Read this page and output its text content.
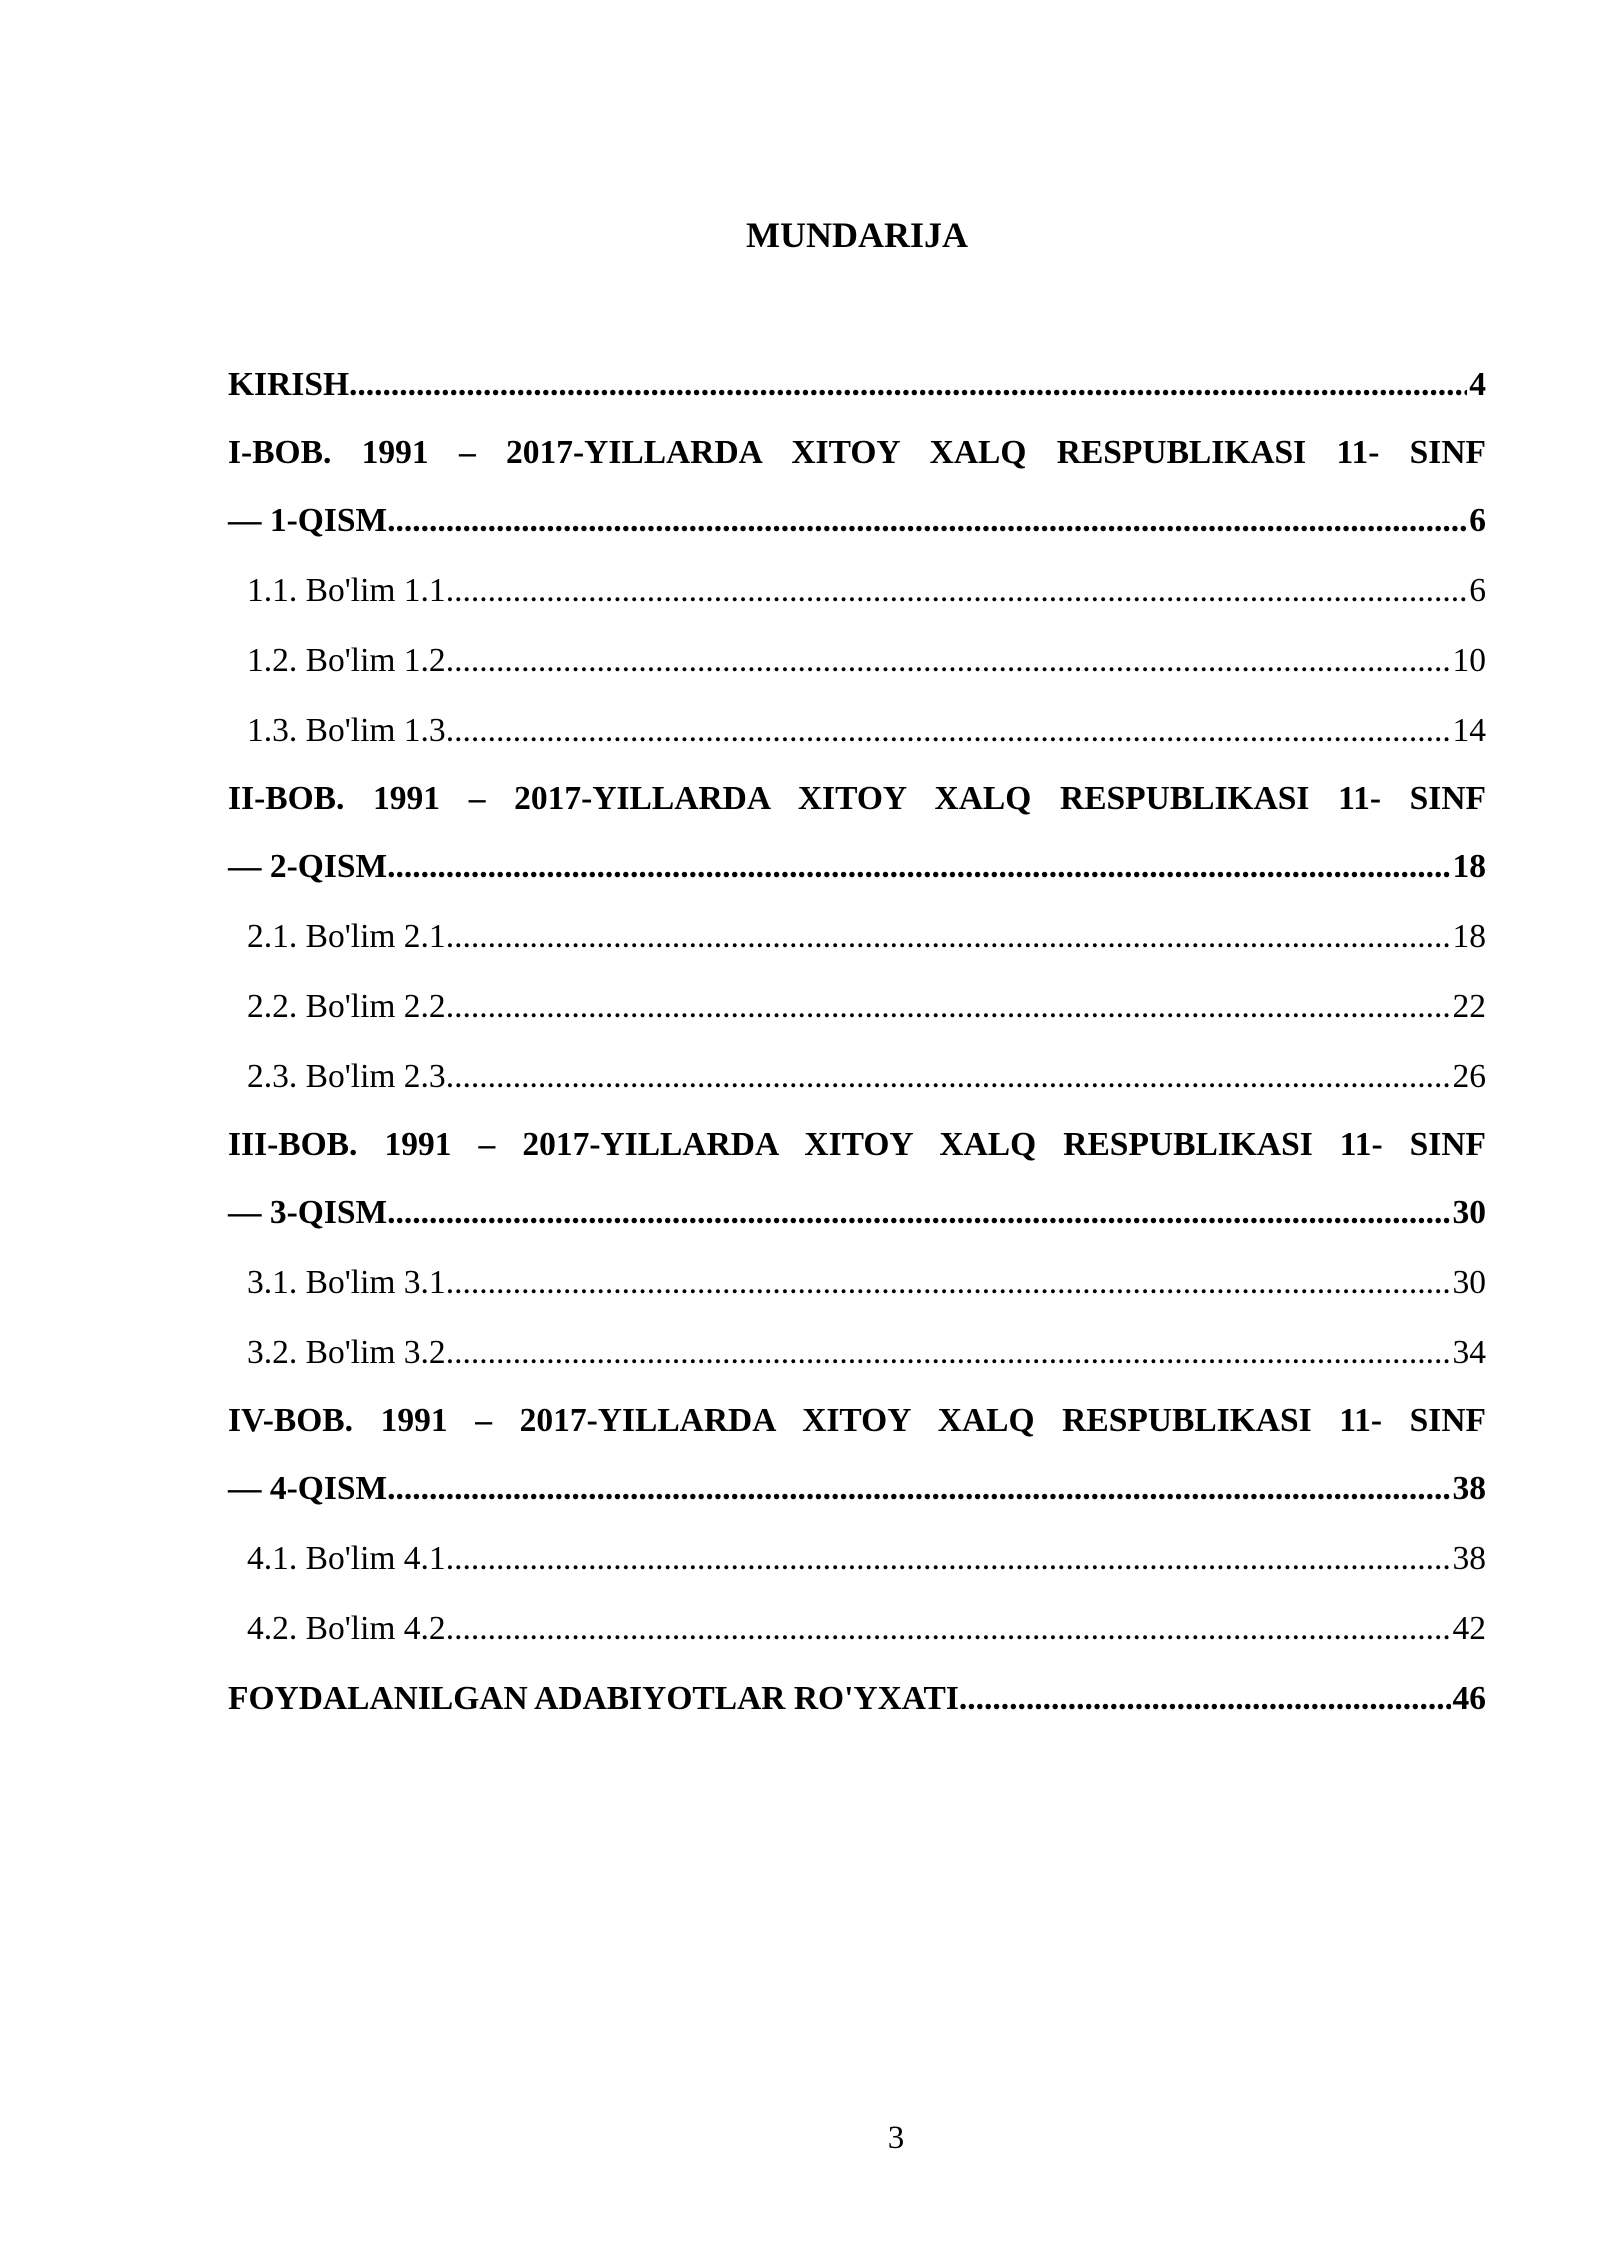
MUNDARIJA
KIRISH .....	4
I-BOB. 1991 – 2017-YILLARDA XITOY XALQ RESPUBLIKASI 11- SINF
— 1-QISM .....	6
1.1. Bo'lim 1.1 .....	6
1.2. Bo'lim 1.2 .....	10
1.3. Bo'lim 1.3 .....	14
II-BOB. 1991 – 2017-YILLARDA XITOY XALQ RESPUBLIKASI 11- SINF
— 2-QISM .....	18
2.1. Bo'lim 2.1 .....	18
2.2. Bo'lim 2.2 .....	22
2.3. Bo'lim 2.3 .....	26
III-BOB. 1991 – 2017-YILLARDA XITOY XALQ RESPUBLIKASI 11- SINF
— 3-QISM .....	30
3.1. Bo'lim 3.1 .....	30
3.2. Bo'lim 3.2 .....	34
IV-BOB. 1991 – 2017-YILLARDA XITOY XALQ RESPUBLIKASI 11- SINF
— 4-QISM .....	38
4.1. Bo'lim 4.1 .....	38
4.2. Bo'lim 4.2 .....	42
FOYDALANILGAN ADABIYOTLAR RO'YXATI .....	46
3
